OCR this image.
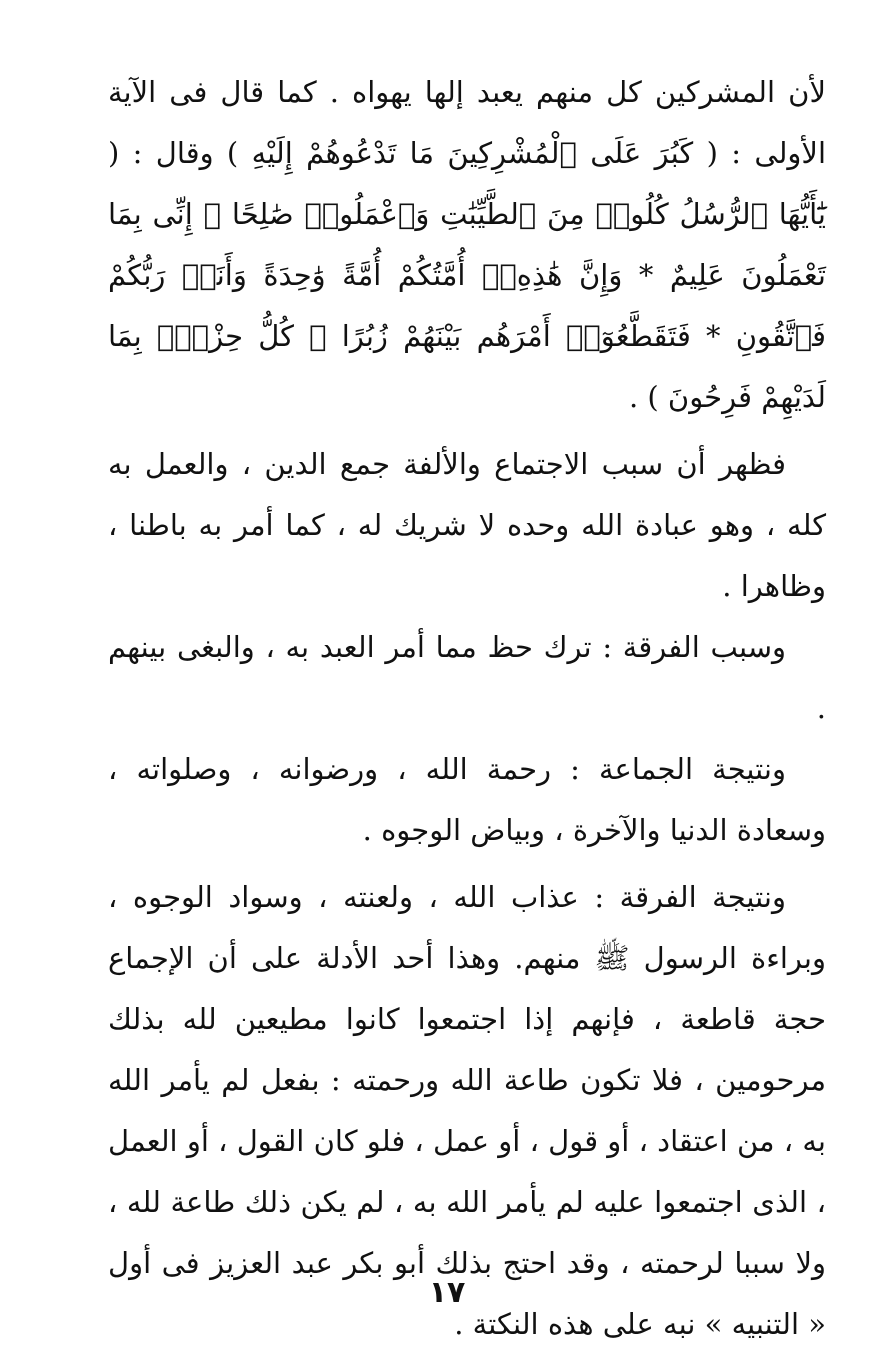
لأن المشركين كل منهم يعبد إلها يهواه . كما قال فى الآية الأولى : ( كَبُرَ عَلَى ٱلْمُشْرِكِينَ مَا تَدْعُوهُمْ إِلَيْهِ ) وقال : ( يَٰٓأَيُّهَا ٱلرُّسُلُ كُلُوا۟ مِنَ ٱلطَّيِّبَٰتِ وَٱعْمَلُوا۟ صَٰلِحًا ۖ إِنِّى بِمَا تَعْمَلُونَ عَلِيمٌ * وَإِنَّ هَٰذِهِۦٓ أُمَّتُكُمْ أُمَّةً وَٰحِدَةً وَأَنَا۠ رَبُّكُمْ فَٱتَّقُونِ * فَتَقَطَّعُوٓا۟ أَمْرَهُم بَيْنَهُمْ زُبُرًا ۖ كُلُّ حِزْبٍۭ بِمَا لَدَيْهِمْ فَرِحُونَ ) .

فظهر أن سبب الاجتماع والألفة جمع الدين ، والعمل به كله ، وهو عبادة الله وحده لا شريك له ، كما أمر به باطنا ، وظاهرا .

وسبب الفرقة : ترك حظ مما أمر العبد به ، والبغى بينهم .

ونتيجة الجماعة : رحمة الله ، ورضوانه ، وصلواته ، وسعادة الدنيا والآخرة ، وبياض الوجوه .

ونتيجة الفرقة : عذاب الله ، ولعنته ، وسواد الوجوه ، وبراءة الرسول ﷺ منهم. وهذا أحد الأدلة على أن الإجماع حجة قاطعة ، فإنهم إذا اجتمعوا كانوا مطيعين لله بذلك مرحومين ، فلا تكون طاعة الله ورحمته : بفعل لم يأمر الله به ، من اعتقاد ، أو قول ، أو عمل ، فلو كان القول ، أو العمل ، الذى اجتمعوا عليه لم يأمر الله به ، لم يكن ذلك طاعة لله ، ولا سببا لرحمته ، وقد احتج بذلك أبو بكر عبد العزيز فى أول « التنبيه » نبه على هذه النكتة .

١٧
